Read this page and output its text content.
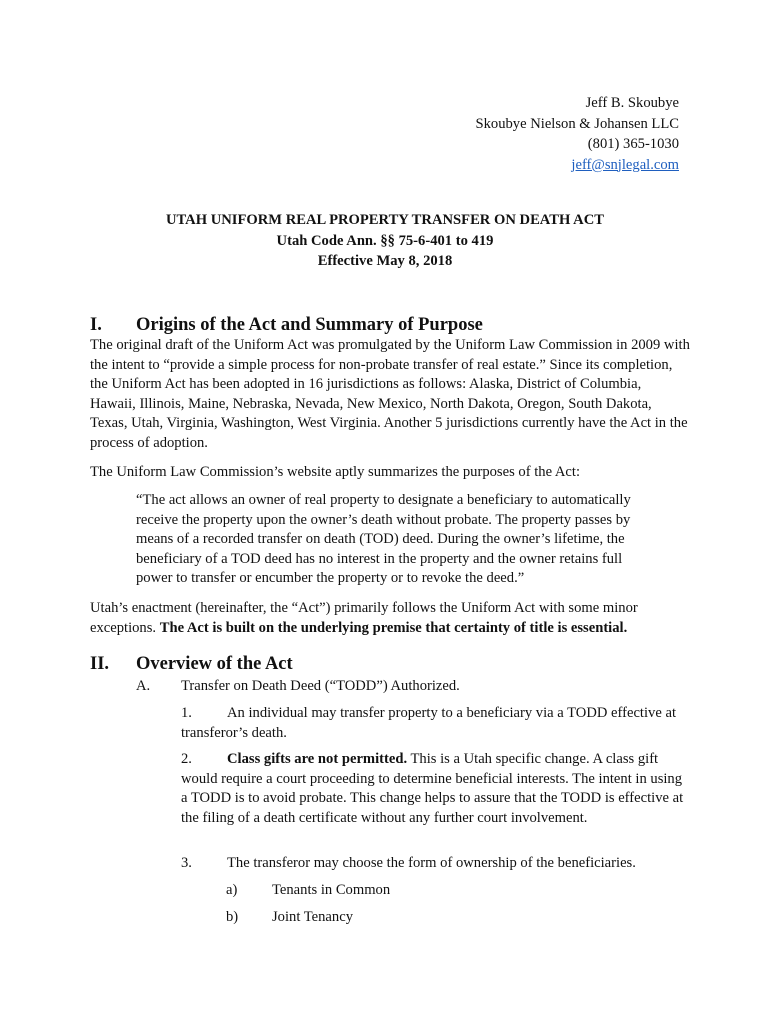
Jeff B. Skoubye
Skoubye Nielson & Johansen LLC
(801) 365-1030
jeff@snjlegal.com
UTAH UNIFORM REAL PROPERTY TRANSFER ON DEATH ACT
Utah Code Ann. §§ 75-6-401 to 419
Effective May 8, 2018
I. Origins of the Act and Summary of Purpose
The original draft of the Uniform Act was promulgated by the Uniform Law Commission in 2009 with the intent to “provide a simple process for non-probate transfer of real estate.” Since its completion, the Uniform Act has been adopted in 16 jurisdictions as follows: Alaska, District of Columbia, Hawaii, Illinois, Maine, Nebraska, Nevada, New Mexico, North Dakota, Oregon, South Dakota, Texas, Utah, Virginia, Washington, West Virginia. Another 5 jurisdictions currently have the Act in the process of adoption.
The Uniform Law Commission’s website aptly summarizes the purposes of the Act:
“The act allows an owner of real property to designate a beneficiary to automatically receive the property upon the owner’s death without probate. The property passes by means of a recorded transfer on death (TOD) deed. During the owner’s lifetime, the beneficiary of a TOD deed has no interest in the property and the owner retains full power to transfer or encumber the property or to revoke the deed.”
Utah’s enactment (hereinafter, the “Act”) primarily follows the Uniform Act with some minor exceptions. The Act is built on the underlying premise that certainty of title is essential.
II. Overview of the Act
A. Transfer on Death Deed (“TODD”) Authorized.
1. An individual may transfer property to a beneficiary via a TODD effective at transferor’s death.
2. Class gifts are not permitted. This is a Utah specific change. A class gift would require a court proceeding to determine beneficial interests. The intent in using a TODD is to avoid probate. This change helps to assure that the TODD is effective at the filing of a death certificate without any further court involvement.
3. The transferor may choose the form of ownership of the beneficiaries.
a) Tenants in Common
b) Joint Tenancy
